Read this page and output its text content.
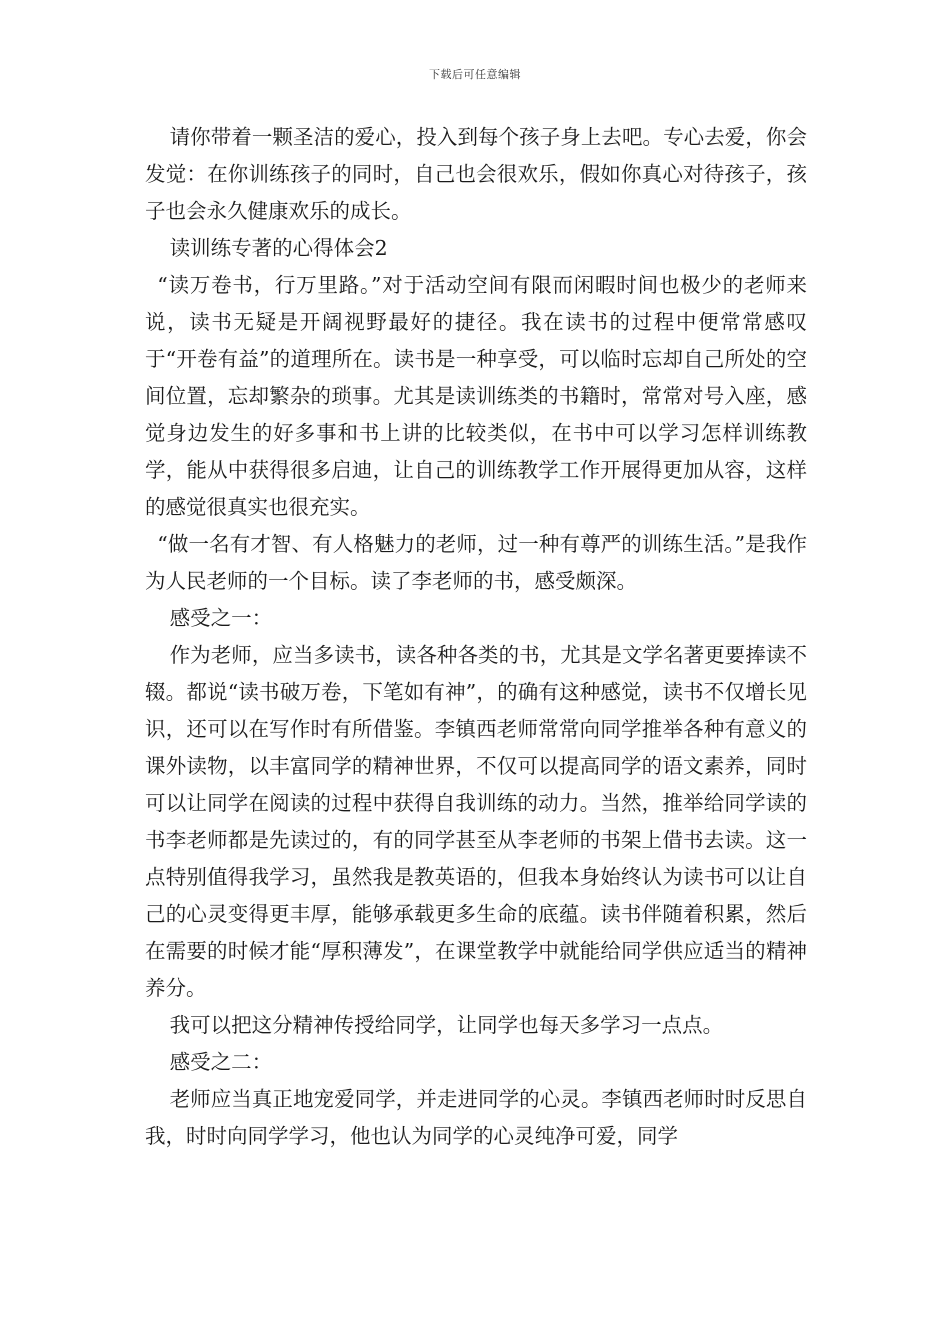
下载后可任意编辑

请你带着一颗圣洁的爱心，投入到每个孩子身上去吧。专心去爱，你会发觉：在你训练孩子的同时，自己也会很欢乐，假如你真心对待孩子，孩子也会永久健康欢乐的成长。

读训练专著的心得体会2

“读万卷书，行万里路。”对于活动空间有限而闲暇时间也极少的老师来说，读书无疑是开阔视野最好的捷径。我在读书的过程中便常常感叹于“开卷有益”的道理所在。读书是一种享受，可以临时忘却自己所处的空间位置，忘却繁杂的琐事。尤其是读训练类的书籍时，常常对号入座，感觉身边发生的好多事和书上讲的比较类似，在书中可以学习怎样训练教学，能从中获得很多启迪，让自己的训练教学工作开展得更加从容，这样的感觉很真实也很充实。

“做一名有才智、有人格魅力的老师，过一种有尊严的训练生活。”是我作为人民老师的一个目标。读了李老师的书，感受颇深。

感受之一：

作为老师，应当多读书，读各种各类的书，尤其是文学名著更要捧读不辍。都说“读书破万卷，下笔如有神”，的确有这种感觉，读书不仅增长见识，还可以在写作时有所借鉴。李镇西老师常常向同学推举各种有意义的课外读物，以丰富同学的精神世界，不仅可以提高同学的语文素养，同时可以让同学在阅读的过程中获得自我训练的动力。当然，推举给同学读的书李老师都是先读过的，有的同学甚至从李老师的书架上借书去读。这一点特别值得我学习，虽然我是教英语的，但我本身始终认为读书可以让自己的心灵变得更丰厚，能够承载更多生命的底蕴。读书伴随着积累，然后在需要的时候才能“厚积薄发”，在课堂教学中就能给同学供应适当的精神养分。

我可以把这分精神传授给同学，让同学也每天多学习一点点。

感受之二：

老师应当真正地宠爱同学，并走进同学的心灵。李镇西老师时时反思自我，时时向同学学习，他也认为同学的心灵纯净可爱，同学
